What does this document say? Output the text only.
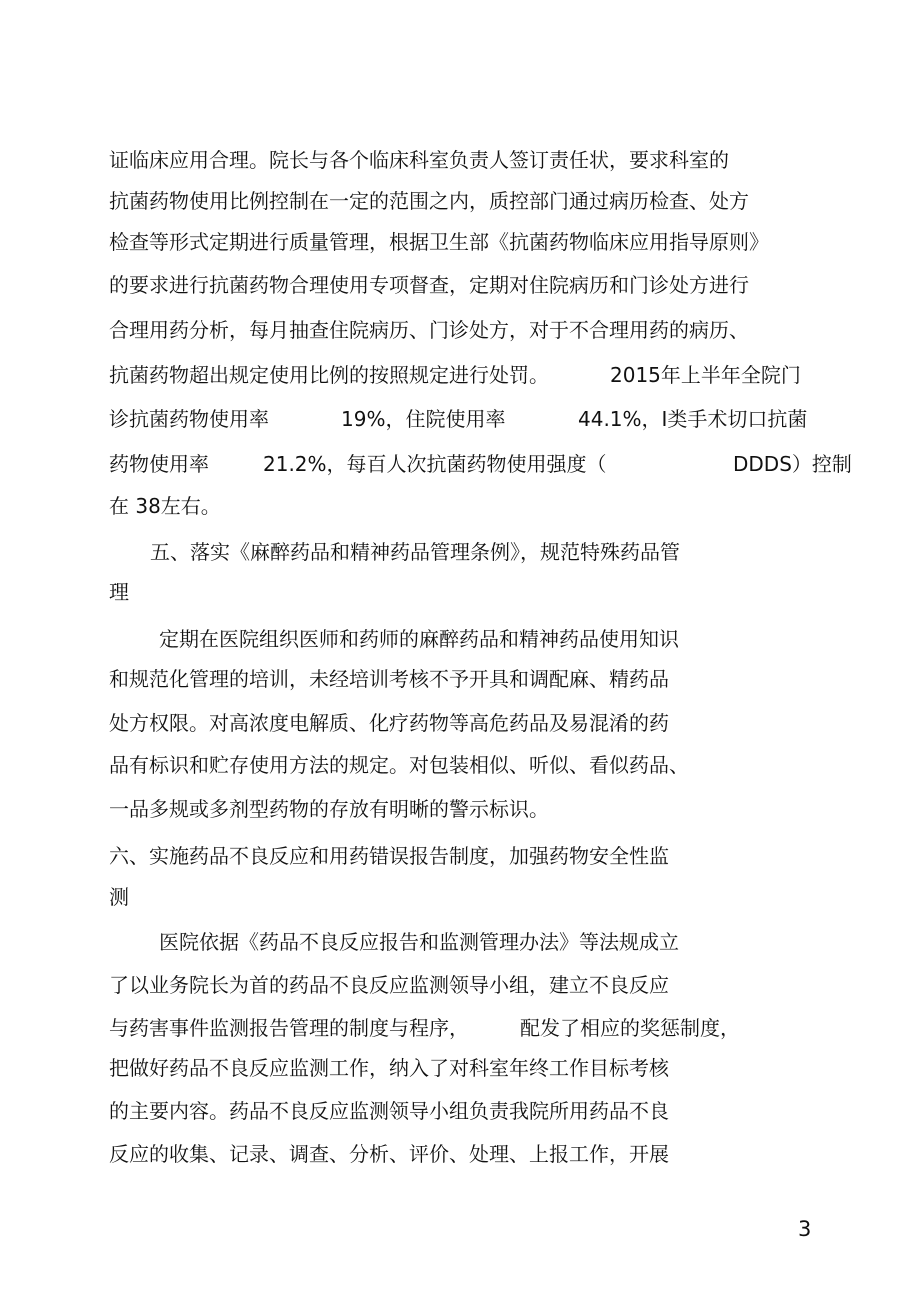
证临床应用合理。院长与各个临床科室负责人签订责任状，要求科室的
抗菌药物使用比例控制在一定的范围之内，质控部门通过病历检查、处方
检查等形式定期进行质量管理，根据卫生部《抗菌药物临床应用指导原则》
的要求进行抗菌药物合理使用专项督查，定期对住院病历和门诊处方进行
合理用药分析，每月抽查住院病历、门诊处方，对于不合理用药的病历、
抗菌药物超出规定使用比例的按照规定进行处罚。	2015年上半年全院门
诊抗菌药物使用率	19%，住院使用率	44.1%，I类手术切口抗菌
药物使用率	21.2%，每百人次抗菌药物使用强度（	DDDS）控制
在 38左右。
五、落实《麻醉药品和精神药品管理条例》，规范特殊药品管
理
定期在医院组织医师和药师的麻醉药品和精神药品使用知识
和规范化管理的培训，未经培训考核不予开具和调配麻、精药品
处方权限。对高浓度电解质、化疗药物等高危药品及易混淆的药
品有标识和贮存使用方法的规定。对包装相似、听似、看似药品、
一品多规或多剂型药物的存放有明晰的警示标识。
六、实施药品不良反应和用药错误报告制度，加强药物安全性监
测
医院依据《药品不良反应报告和监测管理办法》等法规成立
了以业务院长为首的药品不良反应监测领导小组，建立不良反应
与药害事件监测报告管理的制度与程序，	配发了相应的奖惩制度，
把做好药品不良反应监测工作，纳入了对科室年终工作目标考核
的主要内容。药品不良反应监测领导小组负责我院所用药品不良
反应的收集、记录、调查、分析、评价、处理、上报工作，开展
3
